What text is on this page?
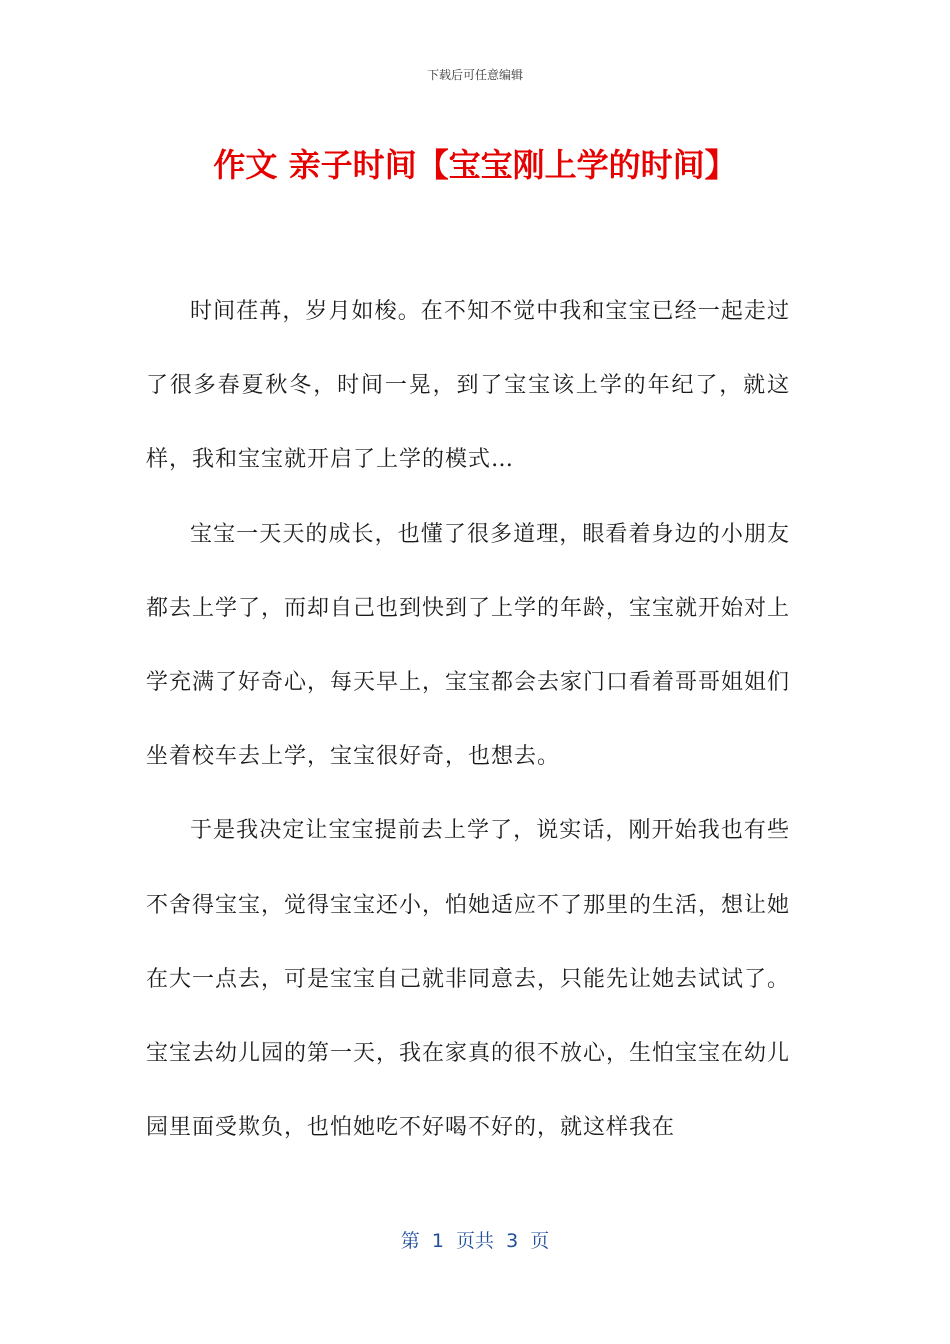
下载后可任意编辑
作文 亲子时间【宝宝刚上学的时间】

时间荏苒，岁月如梭。在不知不觉中我和宝宝已经一起走过了很多春夏秋冬，时间一晃，到了宝宝该上学的年纪了，就这样，我和宝宝就开启了上学的模式…

宝宝一天天的成长，也懂了很多道理，眼看着身边的小朋友都去上学了，而却自己也到快到了上学的年龄，宝宝就开始对上学充满了好奇心，每天早上，宝宝都会去家门口看着哥哥姐姐们坐着校车去上学，宝宝很好奇，也想去。

于是我决定让宝宝提前去上学了，说实话，刚开始我也有些不舍得宝宝，觉得宝宝还小，怕她适应不了那里的生活，想让她在大一点去，可是宝宝自己就非同意去，只能先让她去试试了。宝宝去幼儿园的第一天，我在家真的很不放心，生怕宝宝在幼儿园里面受欺负，也怕她吃不好喝不好的，就这样我在

第  1  页共  3  页
